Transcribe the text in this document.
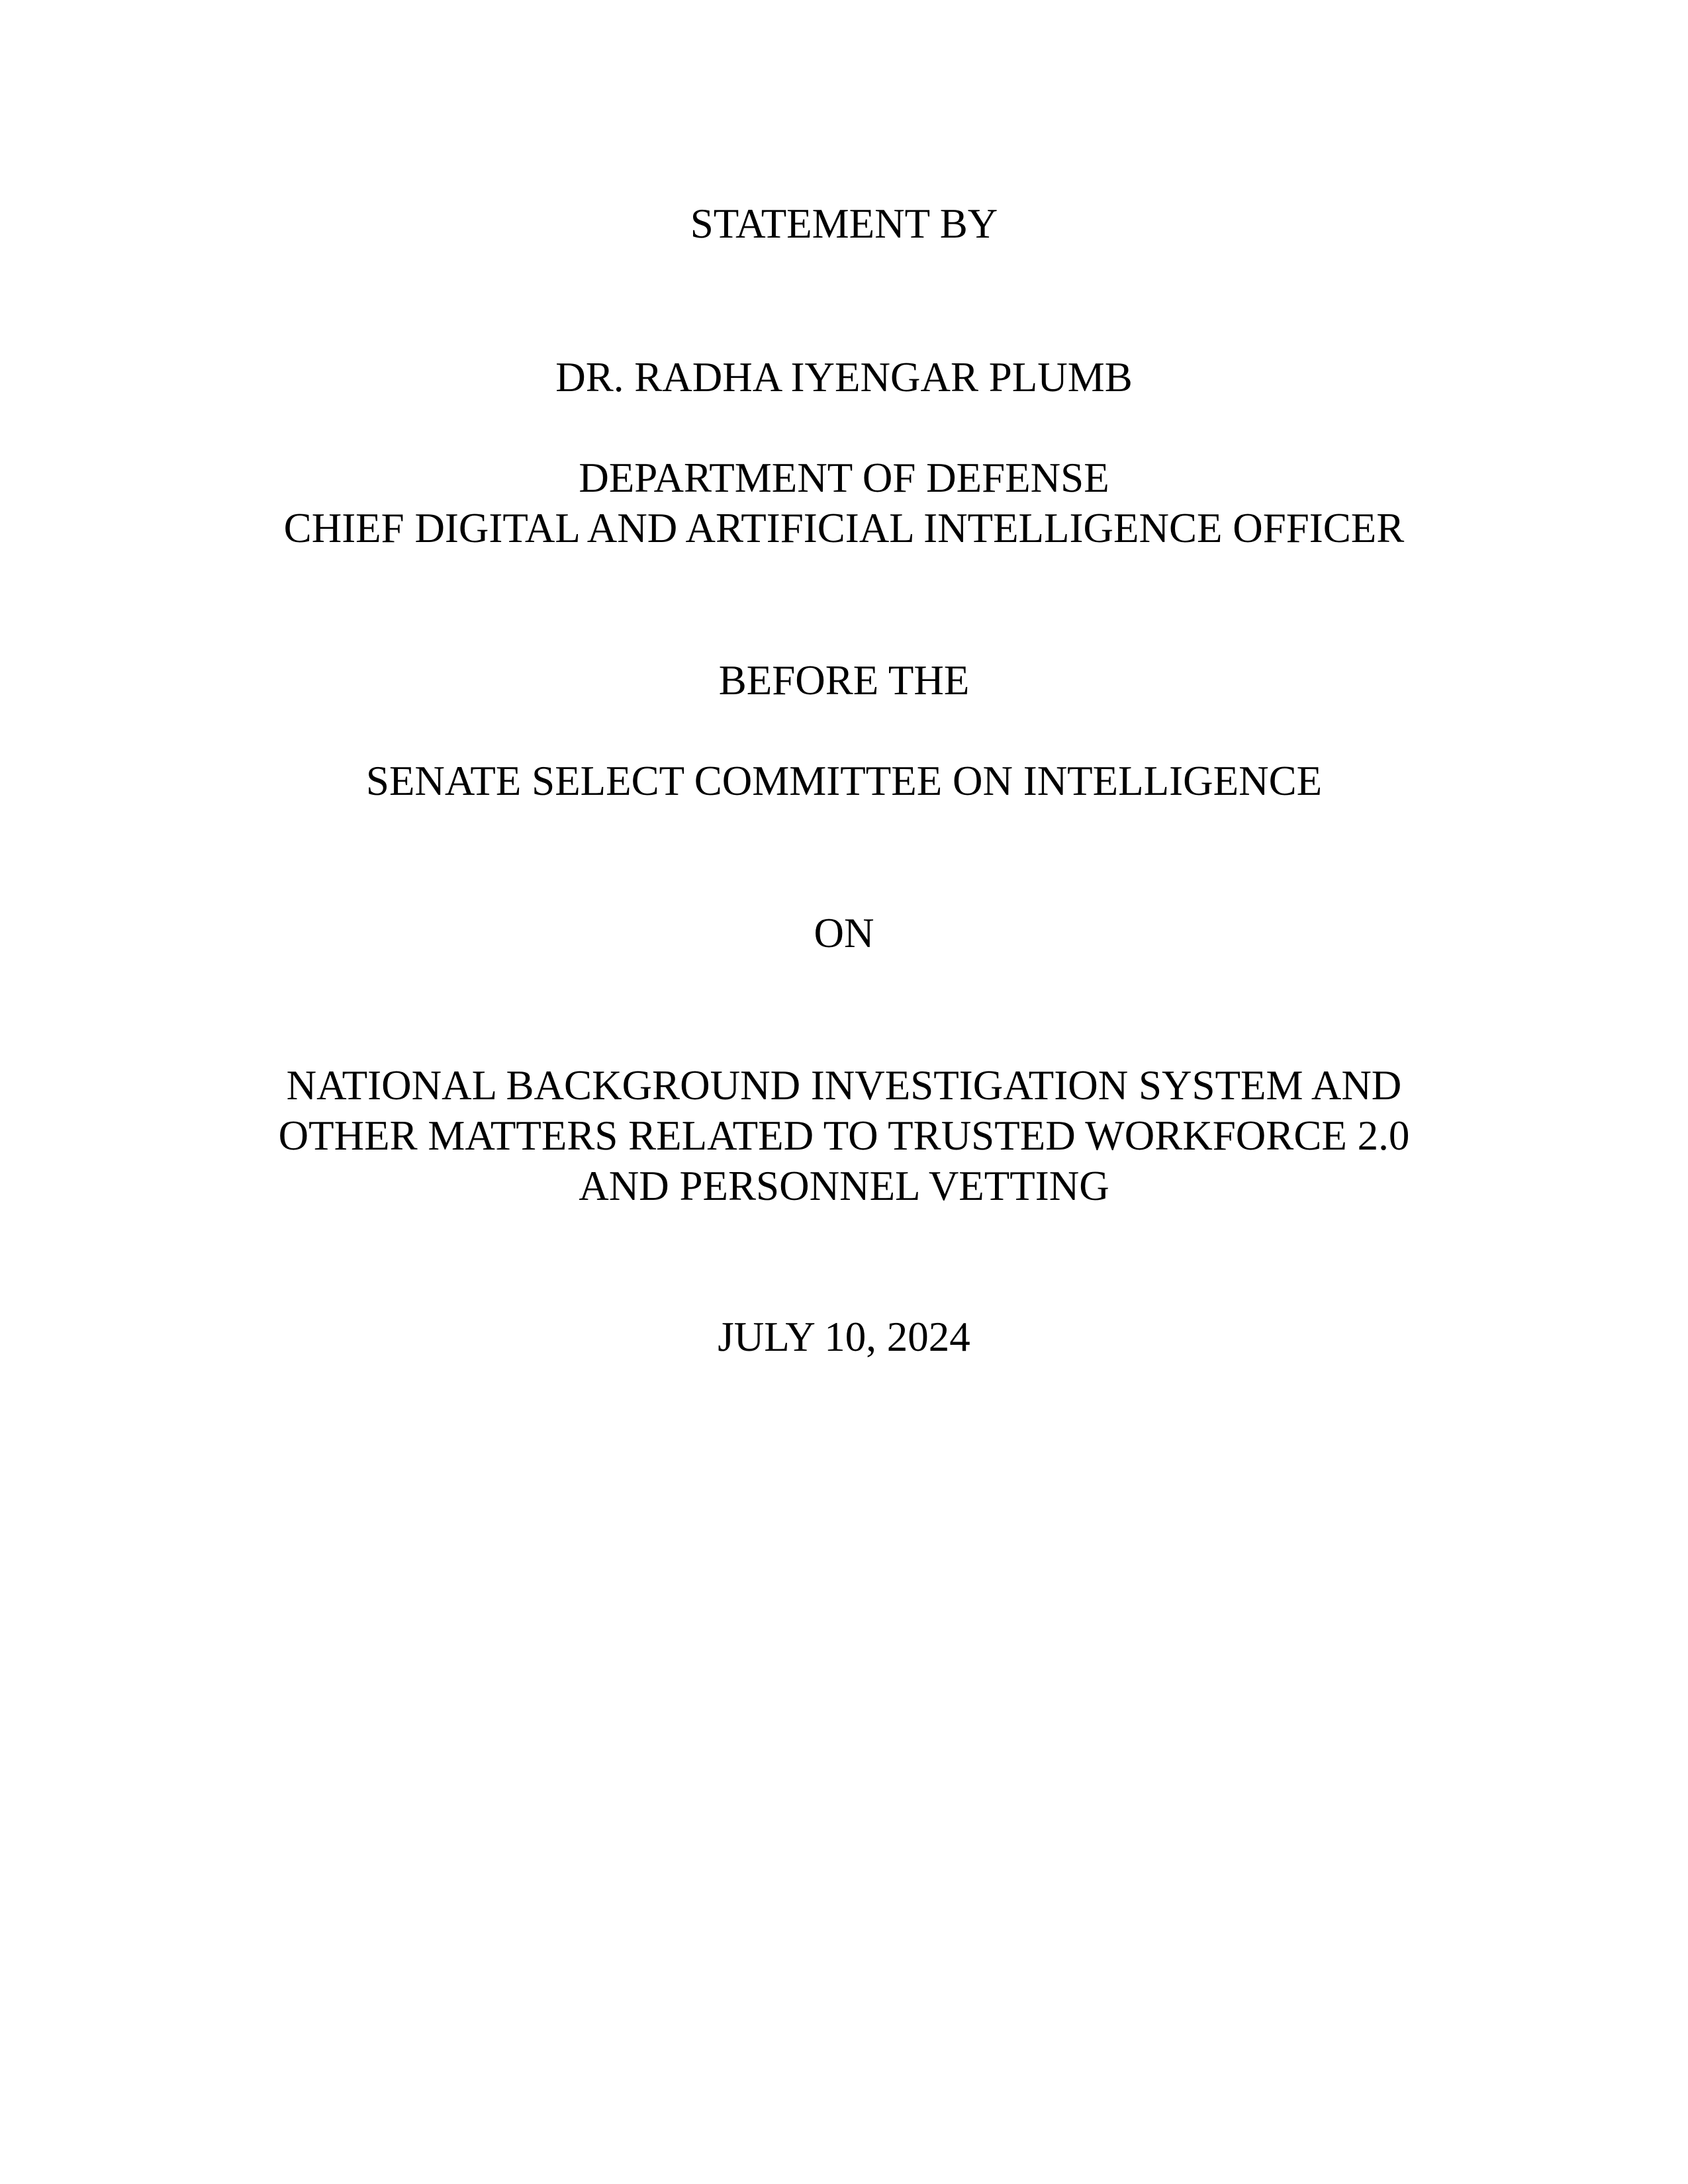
STATEMENT BY
DR. RADHA IYENGAR PLUMB
DEPARTMENT OF DEFENSE
CHIEF DIGITAL AND ARTIFICIAL INTELLIGENCE OFFICER
BEFORE THE
SENATE SELECT COMMITTEE ON INTELLIGENCE
ON
NATIONAL BACKGROUND INVESTIGATION SYSTEM AND
OTHER MATTERS RELATED TO TRUSTED WORKFORCE 2.0
AND PERSONNEL VETTING
JULY 10, 2024
